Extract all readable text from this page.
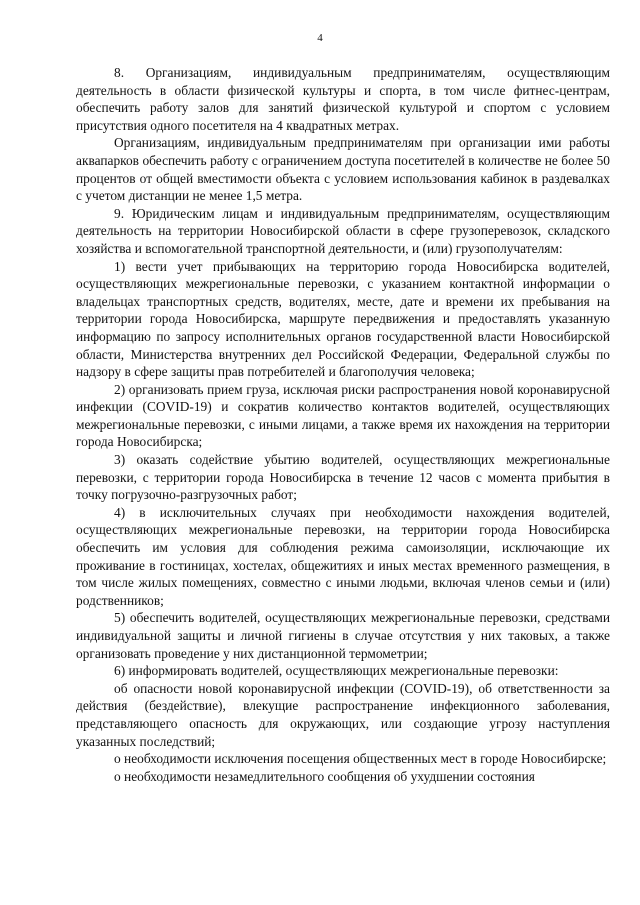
4

8. Организациям, индивидуальным предпринимателям, осуществляющим деятельность в области физической культуры и спорта, в том числе фитнес-центрам, обеспечить работу залов для занятий физической культурой и спортом с условием присутствия одного посетителя на 4 квадратных метрах.

Организациям, индивидуальным предпринимателям при организации ими работы аквапарков обеспечить работу с ограничением доступа посетителей в количестве не более 50 процентов от общей вместимости объекта с условием использования кабинок в раздевалках с учетом дистанции не менее 1,5 метра.

9. Юридическим лицам и индивидуальным предпринимателям, осуществляющим деятельность на территории Новосибирской области в сфере грузоперевозок, складского хозяйства и вспомогательной транспортной деятельности, и (или) грузополучателям:

1) вести учет прибывающих на территорию города Новосибирска водителей, осуществляющих межрегиональные перевозки, с указанием контактной информации о владельцах транспортных средств, водителях, месте, дате и времени их пребывания на территории города Новосибирска, маршруте передвижения и предоставлять указанную информацию по запросу исполнительных органов государственной власти Новосибирской области, Министерства внутренних дел Российской Федерации, Федеральной службы по надзору в сфере защиты прав потребителей и благополучия человека;

2) организовать прием груза, исключая риски распространения новой коронавирусной инфекции (COVID-19) и сократив количество контактов водителей, осуществляющих межрегиональные перевозки, с иными лицами, а также время их нахождения на территории города Новосибирска;

3) оказать содействие убытию водителей, осуществляющих межрегиональные перевозки, с территории города Новосибирска в течение 12 часов с момента прибытия в точку погрузочно-разгрузочных работ;

4) в исключительных случаях при необходимости нахождения водителей, осуществляющих межрегиональные перевозки, на территории города Новосибирска обеспечить им условия для соблюдения режима самоизоляции, исключающие их проживание в гостиницах, хостелах, общежитиях и иных местах временного размещения, в том числе жилых помещениях, совместно с иными людьми, включая членов семьи и (или) родственников;

5) обеспечить водителей, осуществляющих межрегиональные перевозки, средствами индивидуальной защиты и личной гигиены в случае отсутствия у них таковых, а также организовать проведение у них дистанционной термометрии;

6) информировать водителей, осуществляющих межрегиональные перевозки:

об опасности новой коронавирусной инфекции (COVID-19), об ответственности за действия (бездействие), влекущие распространение инфекционного заболевания, представляющего опасность для окружающих, или создающие угрозу наступления указанных последствий;

о необходимости исключения посещения общественных мест в городе Новосибирске;

о необходимости незамедлительного сообщения об ухудшении состояния
